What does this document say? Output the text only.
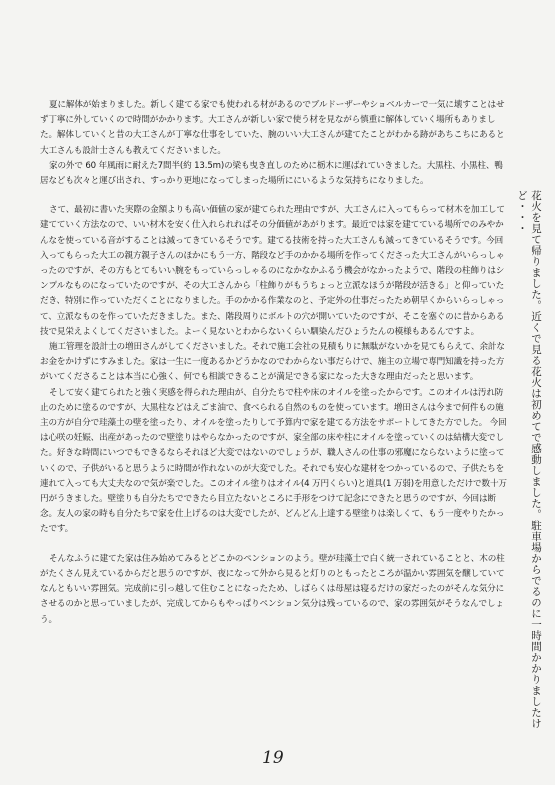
夏に解体が始まりました。新しく建てる家でも使われる材があるのでブルドーザーやショベルカーで一気に壊すことはせず丁寧に外していくので時間がかかります。大工さんが新しい家で使う材を見ながら慎重に解体していく場所もありました。解体していくと昔の大工さんが丁寧な仕事をしていた、腕のいい大工さんが建てたことがわかる跡があちこちにあると大工さんも設計士さんも教えてくださいました。

家の外で 60 年風雨に耐えた7間半(約 13.5m)の梁も曳き直しのために栃木に運ばれていきました。大黒柱、小黒柱、鴨居なども次々と運び出され、すっかり更地になってしまった場所ににいるような気持ちになりました。

さて、最初に書いた実際の金額よりも高い価値の家が建てられた理由ですが、大工さんに入ってもらって材木を加工して建てていく方法なので、いい材木を安く仕入れられればその分価値があがります。最近では家を建てている場所でのみやかんなを使っている音がすることは減ってきているそうです。建てる技術を持った大工さんも減ってきているそうです。今回入ってもらった大工の親方親子さんのほかにもう一方、階段など手のかかる場所を作ってくださった大工さんがいらっしゃったのですが、その方もとてもいい腕をもっていらっしゃるのになかなかふるう機会がなかったようで、階段の柱飾りはシンプルなものになっていたのですが、その大工さんから「柱飾りがもうちょっと立派なほうが階段が活きる」と仰っていただき、特別に作っていただくことになりました。手のかかる作業なのと、予定外の仕事だったため朝早くからいらっしゃって、立派なものを作っていただきました。また、階段周りにボルトの穴が開いていたのですが、そこを塞ぐのに昔からある技で見栄えよくしてくださいました。よーく見ないとわからないくらい馴染んだひょうたんの模様もあるんですよ。

施工管理を設計士の増田さんがしてくださいました。それで施工会社の見積もりに無駄がないかを見てもらえて、余計なお金をかけずにすみました。家は一生に一度あるかどうかなのでわからない事だらけで、施主の立場で専門知識を持った方がいてくださることは本当に心強く、何でも相談できることが満足できる家になった大きな理由だったと思います。

そして安く建てられたと強く実感を得られた理由が、自分たちで柱や床のオイルを塗ったからです。このオイルは汚れ防止のために塗るのですが、大黒柱などはえごま油で、食べられる自然のものを使っています。増田さんは今まで何件もの施主の方が自分で珪藻土の壁を塗ったり、オイルを塗ったりして予算内で家を建てる方法をサポートしてきた方でした。 今回は心咲の妊娠、出産があったので壁塗りはやらなかったのですが、家全部の床や柱にオイルを塗っていくのは結構大変でした。好きな時間にいつでもできるならそれほど大変ではないのでしょうが、職人さんの仕事の邪魔にならないように塗っていくので、子供がいると思うように時間が作れないのが大変でした。それでも安心な建材をつかっているので、子供たちを連れて入っても大丈夫なので気が楽でした。このオイル塗りはオイル(4 万円くらい)と道具(1 万弱)を用意しただけで数十万円がうきました。壁塗りも自分たちでできたら目立たないところに手形をつけて記念にできたと思うのですが、今回は断念。友人の家の時も自分たちで家を仕上げるのは大変でしたが、どんどん上達する壁塗りは楽しくて、もう一度やりたかったです。

そんなふうに建てた家は住み始めてみるとどこかのペンションのよう。壁が珪藻土で白く統一されていることと、木の柱がたくさん見えているからだと思うのですが、夜になって外から見ると灯りのともったところが温かい雰囲気を醸していてなんともいい雰囲気。完成前に引っ越して住むことになったため、しばらくは母屋は寝るだけの家だったのがそんな気分にさせるのかと思っていましたが、完成してからもやっぱりペンション気分は残っているので、家の雰囲気がそうなんでしょう。	花火を見て帰りました。近くで見る花火は初めてで感動しました。駐車場からでるのに一時間かかりましたけど・・・
19
